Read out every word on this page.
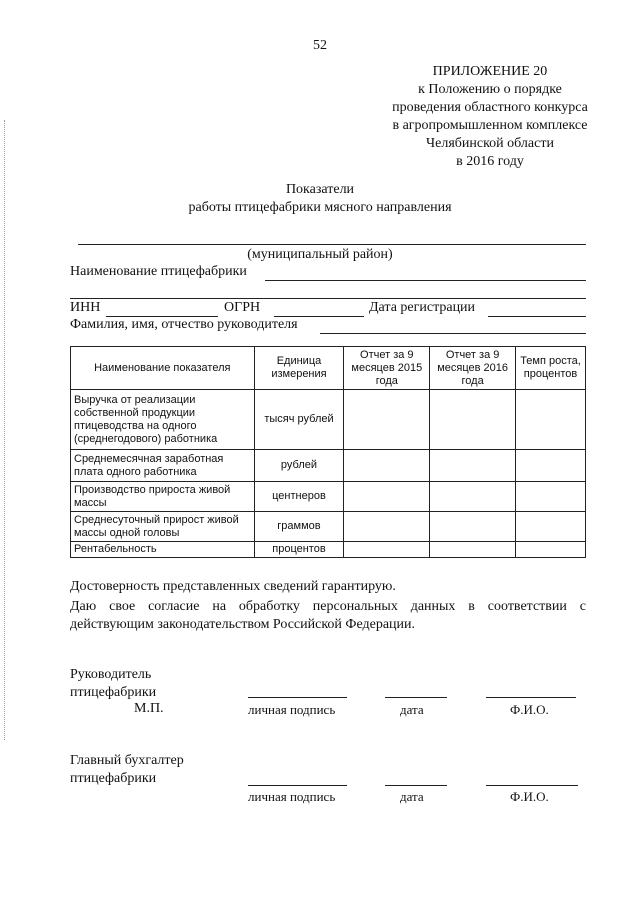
52
ПРИЛОЖЕНИЕ 20
к Положению о порядке
проведения областного конкурса
в агропромышленном комплексе
Челябинской области
в 2016 году
Показатели
работы птицефабрики мясного направления
(муниципальный район)
Наименование птицефабрики
ИНН	ОГРН	Дата регистрации
Фамилия, имя, отчество руководителя
Наименование показателя	Единица измерения	Отчет за 9 месяцев 2015 года	Отчет за 9 месяцев 2016 года	Темп роста, процентов
Выручка от реализации собственной продукции птицеводства на одного (среднегодового) работника	тысяч рублей			
Среднемесячная заработная плата одного работника	рублей			
Производство прироста живой массы	центнеров			
Среднесуточный прирост живой массы одной головы	граммов			
Рентабельность	процентов			
Достоверность представленных сведений гарантирую.
Даю свое согласие на обработку персональных данных в соответствии с действующим законодательством Российской Федерации.
Руководитель
птицефабрики
М.П.	личная подпись	дата	Ф.И.О.
Главный бухгалтер
птицефабрики
личная подпись	дата	Ф.И.О.
